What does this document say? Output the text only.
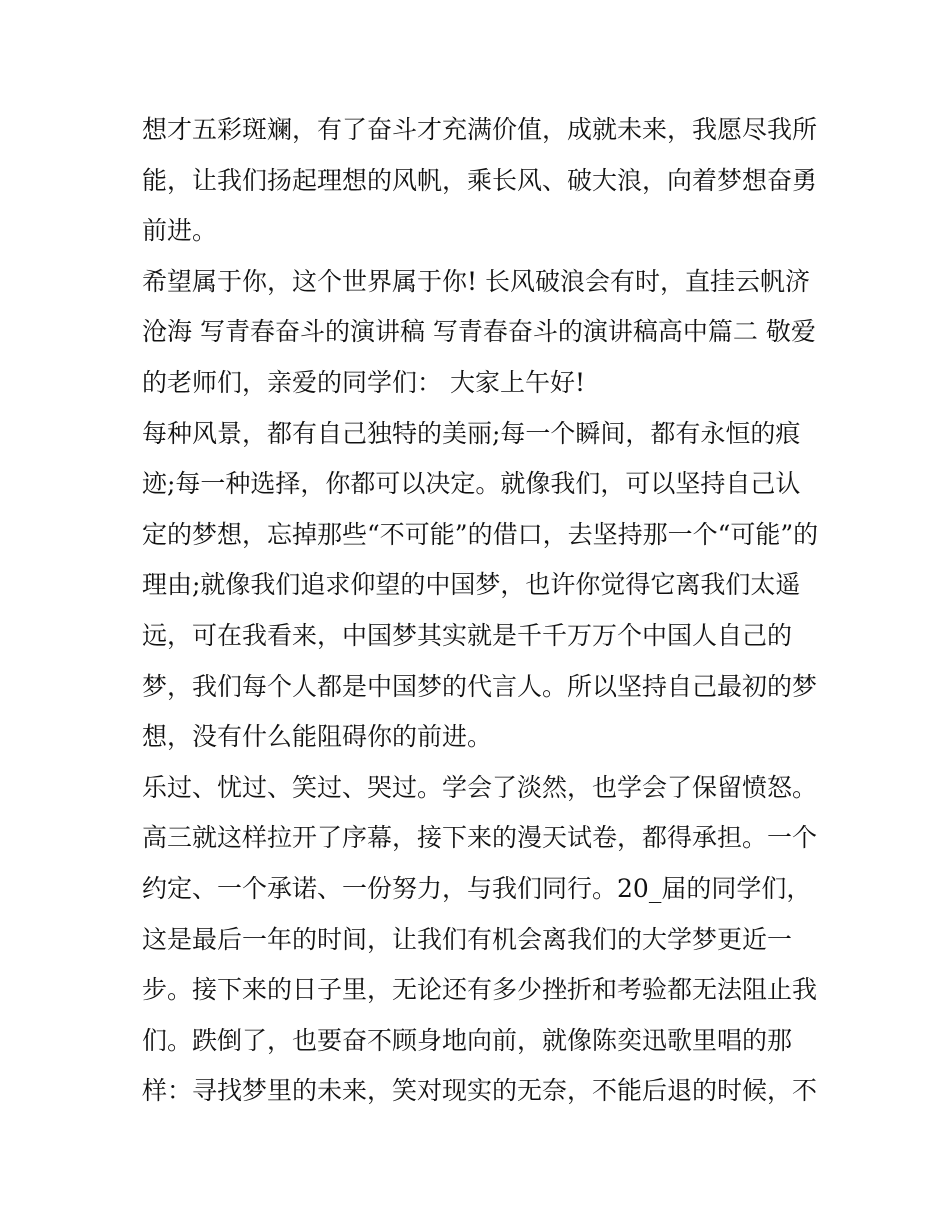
想才五彩斑斓，有了奋斗才充满价值，成就未来，我愿尽我所
能，让我们扬起理想的风帆，乘长风、破大浪，向着梦想奋勇
前进。
希望属于你，这个世界属于你! 长风破浪会有时，直挂云帆济
沧海 写青春奋斗的演讲稿 写青春奋斗的演讲稿高中篇二 敬爱
的老师们，亲爱的同学们： 大家上午好!
每种风景，都有自己独特的美丽;每一个瞬间，都有永恒的痕
迹;每一种选择，你都可以决定。就像我们，可以坚持自己认
定的梦想，忘掉那些“不可能”的借口，去坚持那一个“可能”的
理由;就像我们追求仰望的中国梦，也许你觉得它离我们太遥
远，可在我看来，中国梦其实就是千千万万个中国人自己的
梦，我们每个人都是中国梦的代言人。所以坚持自己最初的梦
想，没有什么能阻碍你的前进。
乐过、忧过、笑过、哭过。学会了淡然，也学会了保留愤怒。
高三就这样拉开了序幕，接下来的漫天试卷，都得承担。一个
约定、一个承诺、一份努力，与我们同行。20_届的同学们，
这是最后一年的时间，让我们有机会离我们的大学梦更近一
步。接下来的日子里，无论还有多少挫折和考验都无法阻止我
们。跌倒了，也要奋不顾身地向前，就像陈奕迅歌里唱的那
样：寻找梦里的未来，笑对现实的无奈，不能后退的时候，不
